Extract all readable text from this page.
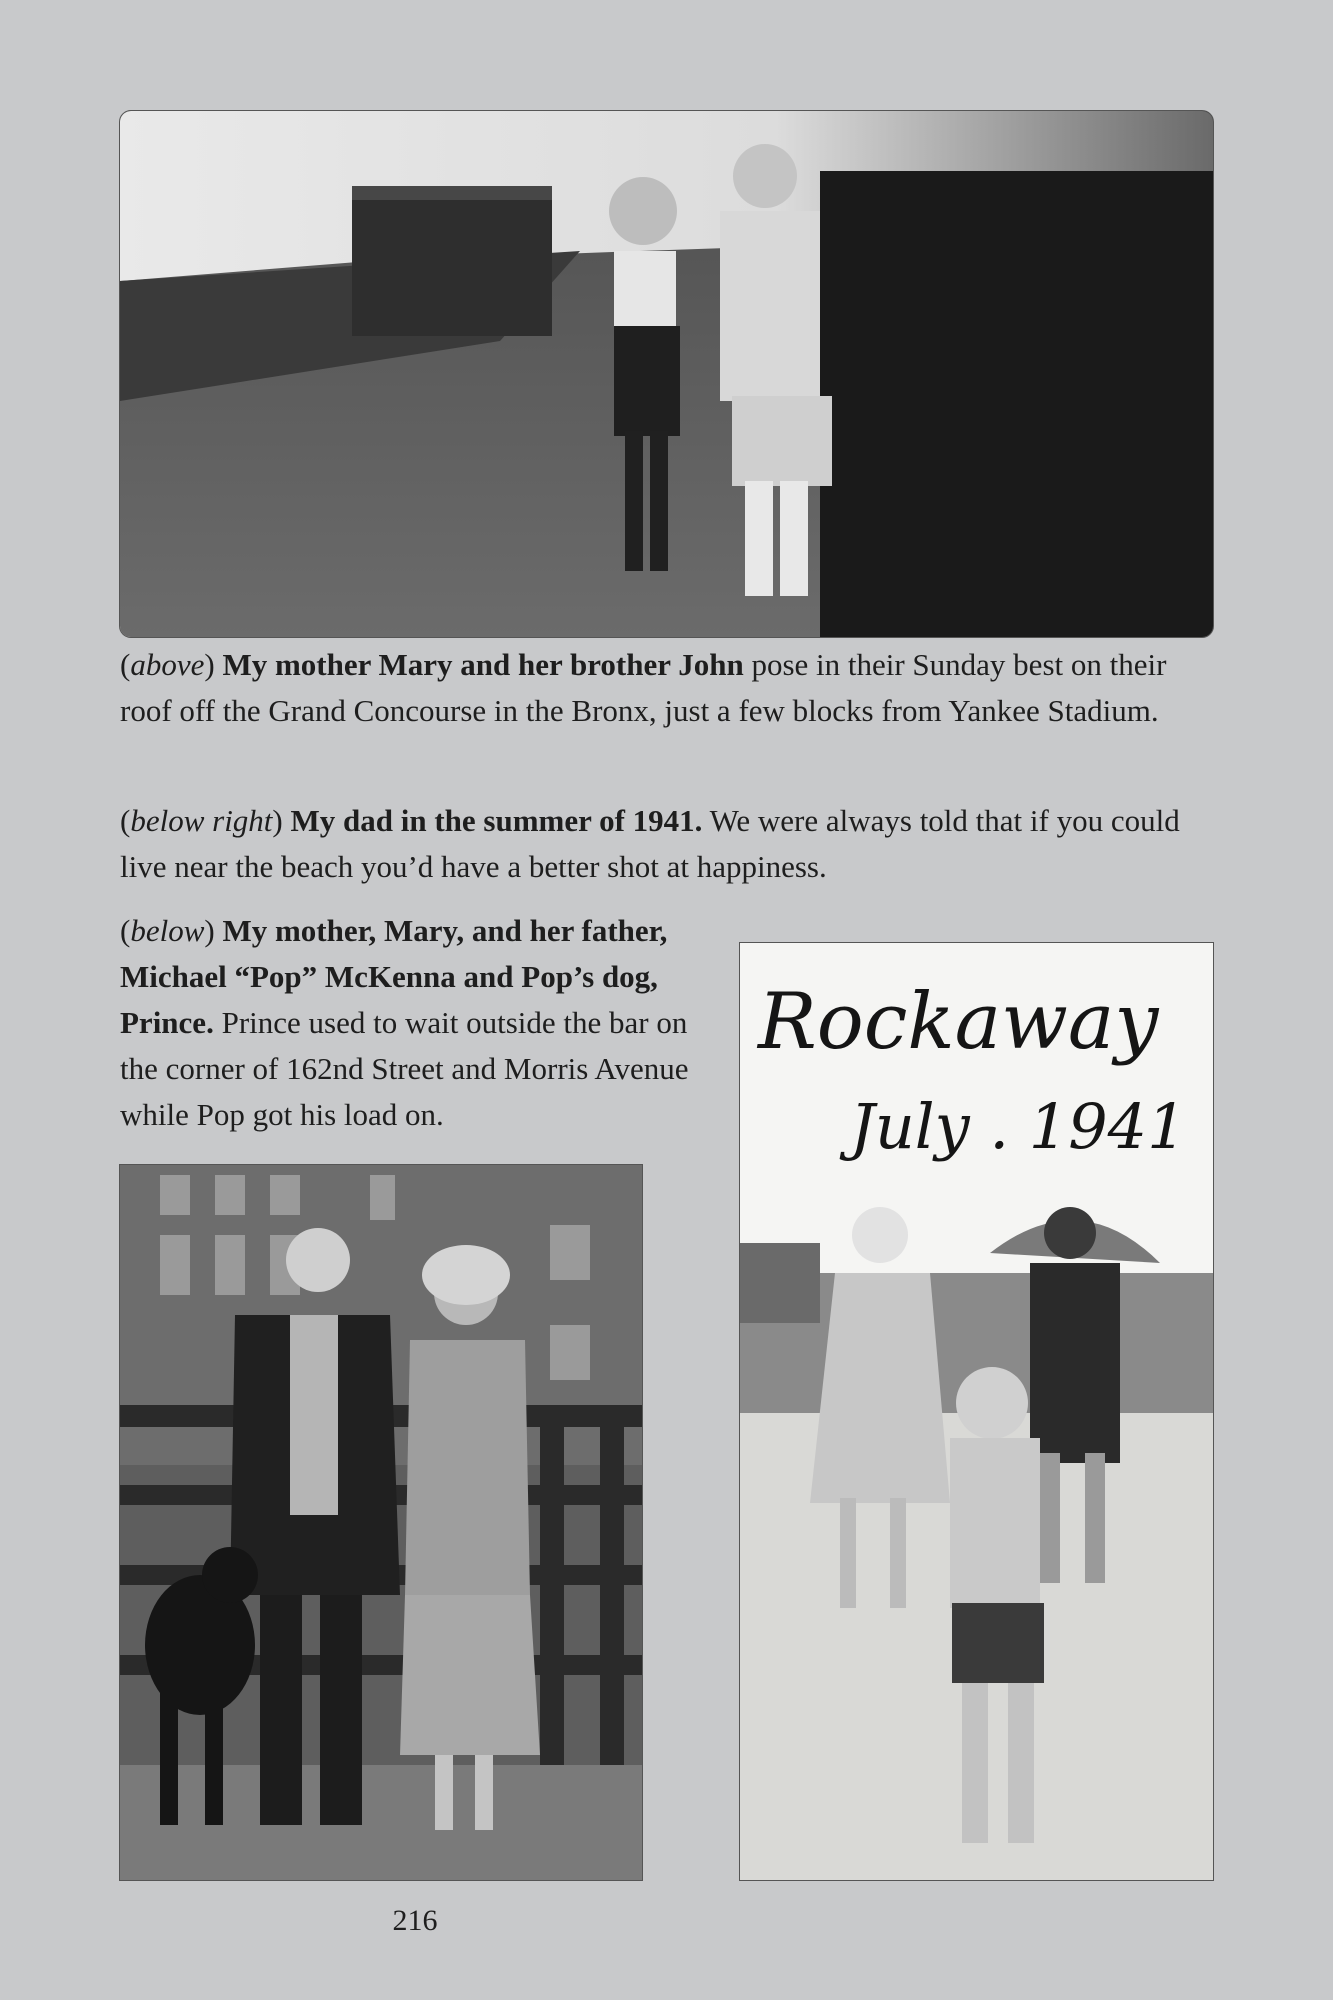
(above) My mother Mary and her brother John pose in their Sunday best on their roof off the Grand Concourse in the Bronx, just a few blocks from Yankee Stadium.

(below right) My dad in the summer of 1941. We were always told that if you could live near the beach you’d have a better shot at happiness.

(below) My mother, Mary, and her father, Michael “Pop” McKenna and Pop’s dog, Prince. Prince used to wait outside the bar on the corner of 162nd Street and Morris Avenue while Pop got his load on.

Rockaway
July . 1941
216
